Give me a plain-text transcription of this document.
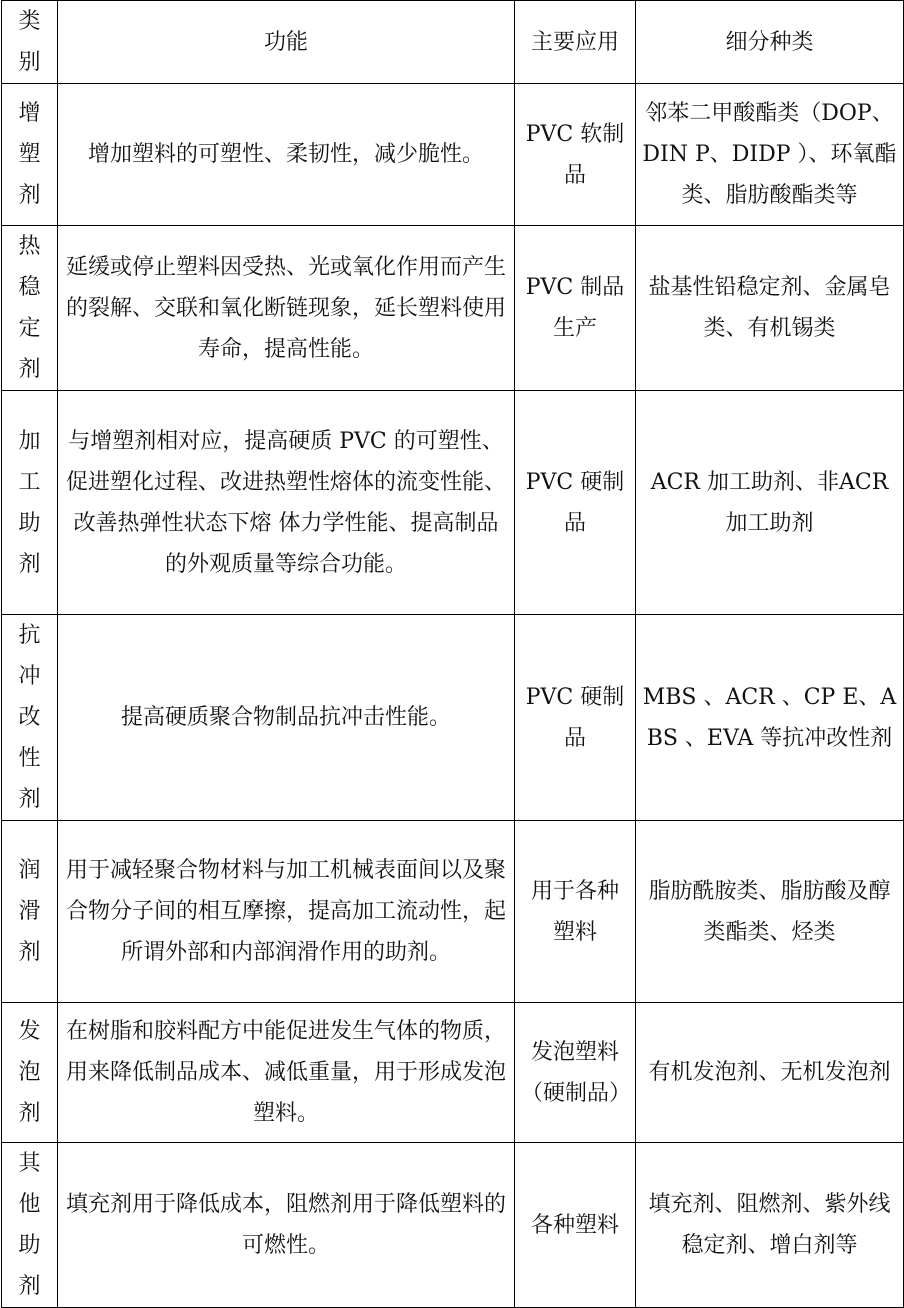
类别	功能	主要应用	细分种类
增塑剂	增加塑料的可塑性、柔韧性，减少脆性。	PVC 软制品	邻苯二甲酸酯类（DOP、DIN P、DIDP ）、环氧酯类、脂肪酸酯类等
热稳定剂	延缓或停止塑料因受热、光或氧化作用而产生的裂解、交联和氧化断链现象，延长塑料使用寿命，提高性能。	PVC 制品生产	盐基性铅稳定剂、金属皂类、有机锡类
加工助剂	与增塑剂相对应，提高硬质 PVC 的可塑性、促进塑化过程、改进热塑性熔体的流变性能、改善热弹性状态下熔 体力学性能、提高制品的外观质量等综合功能。	PVC 硬制品	ACR 加工助剂、非ACR加工助剂
抗冲改性剂	提高硬质聚合物制品抗冲击性能。	PVC 硬制品	MBS 、ACR 、CP E、ABS 、EVA 等抗冲改性剂
润滑剂	用于减轻聚合物材料与加工机械表面间以及聚合物分子间的相互摩擦，提高加工流动性，起所谓外部和内部润滑作用的助剂。	用于各种塑料	脂肪酰胺类、脂肪酸及醇类酯类、烃类
发泡剂	在树脂和胶料配方中能促进发生气体的物质，用来降低制品成本、减低重量，用于形成发泡塑料。	发泡塑料（硬制品）	有机发泡剂、无机发泡剂
其他助剂	填充剂用于降低成本，阻燃剂用于降低塑料的可燃性。	各种塑料	填充剂、阻燃剂、紫外线稳定剂、增白剂等
